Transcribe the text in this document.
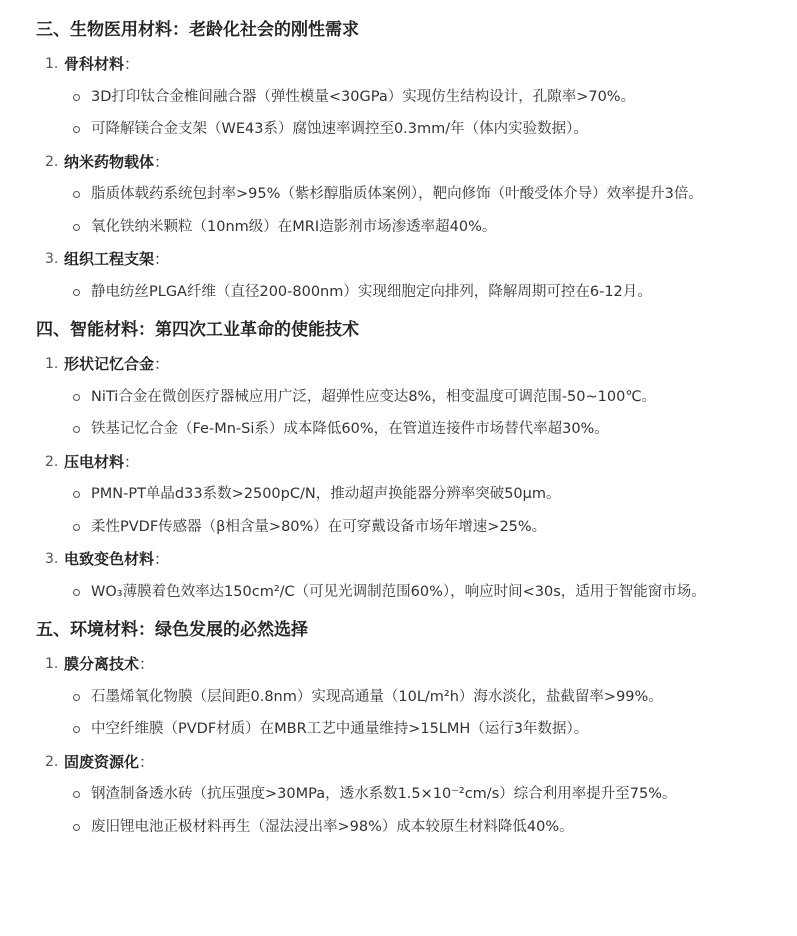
三、生物医用材料：老龄化社会的刚性需求
1. 骨科材料：
3D打印钛合金椎间融合器（弹性模量<30GPa）实现仿生结构设计，孔隙率>70%。
可降解镁合金支架（WE43系）腐蚀速率调控至0.3mm/年（体内实验数据）。
2. 纳米药物载体：
脂质体载药系统包封率>95%（紫杉醇脂质体案例），靶向修饰（叶酸受体介导）效率提升3倍。
氧化铁纳米颗粒（10nm级）在MRI造影剂市场渗透率超40%。
3. 组织工程支架：
静电纺丝PLGA纤维（直径200-800nm）实现细胞定向排列，降解周期可控在6-12月。
四、智能材料：第四次工业革命的使能技术
1. 形状记忆合金：
NiTi合金在微创医疗器械应用广泛，超弹性应变达8%，相变温度可调范围-50~100℃。
铁基记忆合金（Fe-Mn-Si系）成本降低60%，在管道连接件市场替代率超30%。
2. 压电材料：
PMN-PT单晶d33系数>2500pC/N，推动超声换能器分辨率突破50μm。
柔性PVDF传感器（β相含量>80%）在可穿戴设备市场年增速>25%。
3. 电致变色材料：
WO₃薄膜着色效率达150cm²/C（可见光调制范围60%），响应时间<30s，适用于智能窗市场。
五、环境材料：绿色发展的必然选择
1. 膜分离技术：
石墨烯氧化物膜（层间距0.8nm）实现高通量（10L/m²h）海水淡化，盐截留率>99%。
中空纤维膜（PVDF材质）在MBR工艺中通量维持>15LMH（运行3年数据）。
2. 固废资源化：
钢渣制备透水砖（抗压强度>30MPa，透水系数1.5×10⁻²cm/s）综合利用率提升至75%。
废旧锂电池正极材料再生（湿法浸出率>98%）成本较原生材料降低40%。
